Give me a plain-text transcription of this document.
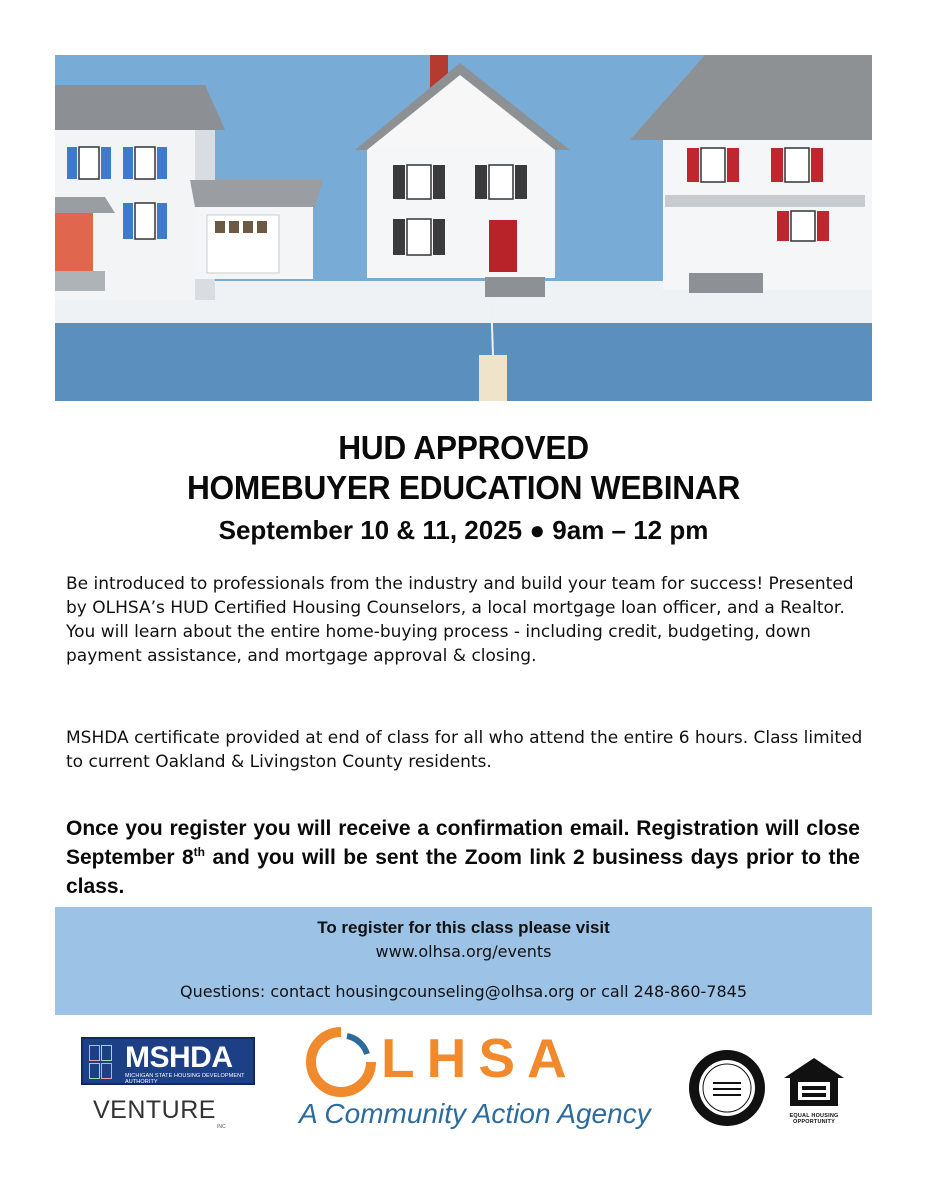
HUD APPROVED
HOMEBUYER EDUCATION WEBINAR
September 10 & 11, 2025 ● 9am – 12 pm
Be introduced to professionals from the industry and build your team for success! Presented by OLHSA’s HUD Certified Housing Counselors, a local mortgage loan officer, and a Realtor. You will learn about the entire home-buying process - including credit, budgeting, down payment assistance, and mortgage approval & closing.
MSHDA certificate provided at end of class for all who attend the entire 6 hours. Class limited to current Oakland & Livingston County residents.
Once you register you will receive a confirmation email. Registration will close September 8th and you will be sent the Zoom link 2 business days prior to the class.
To register for this class please visit
www.olhsa.org/events
Questions: contact housingcounseling@olhsa.org or call 248-860-7845
MSHDA
MICHIGAN STATE HOUSING DEVELOPMENT AUTHORITY
VENTURE
INC
LHSA
A Community Action Agency	EQUAL HOUSING OPPORTUNITY
